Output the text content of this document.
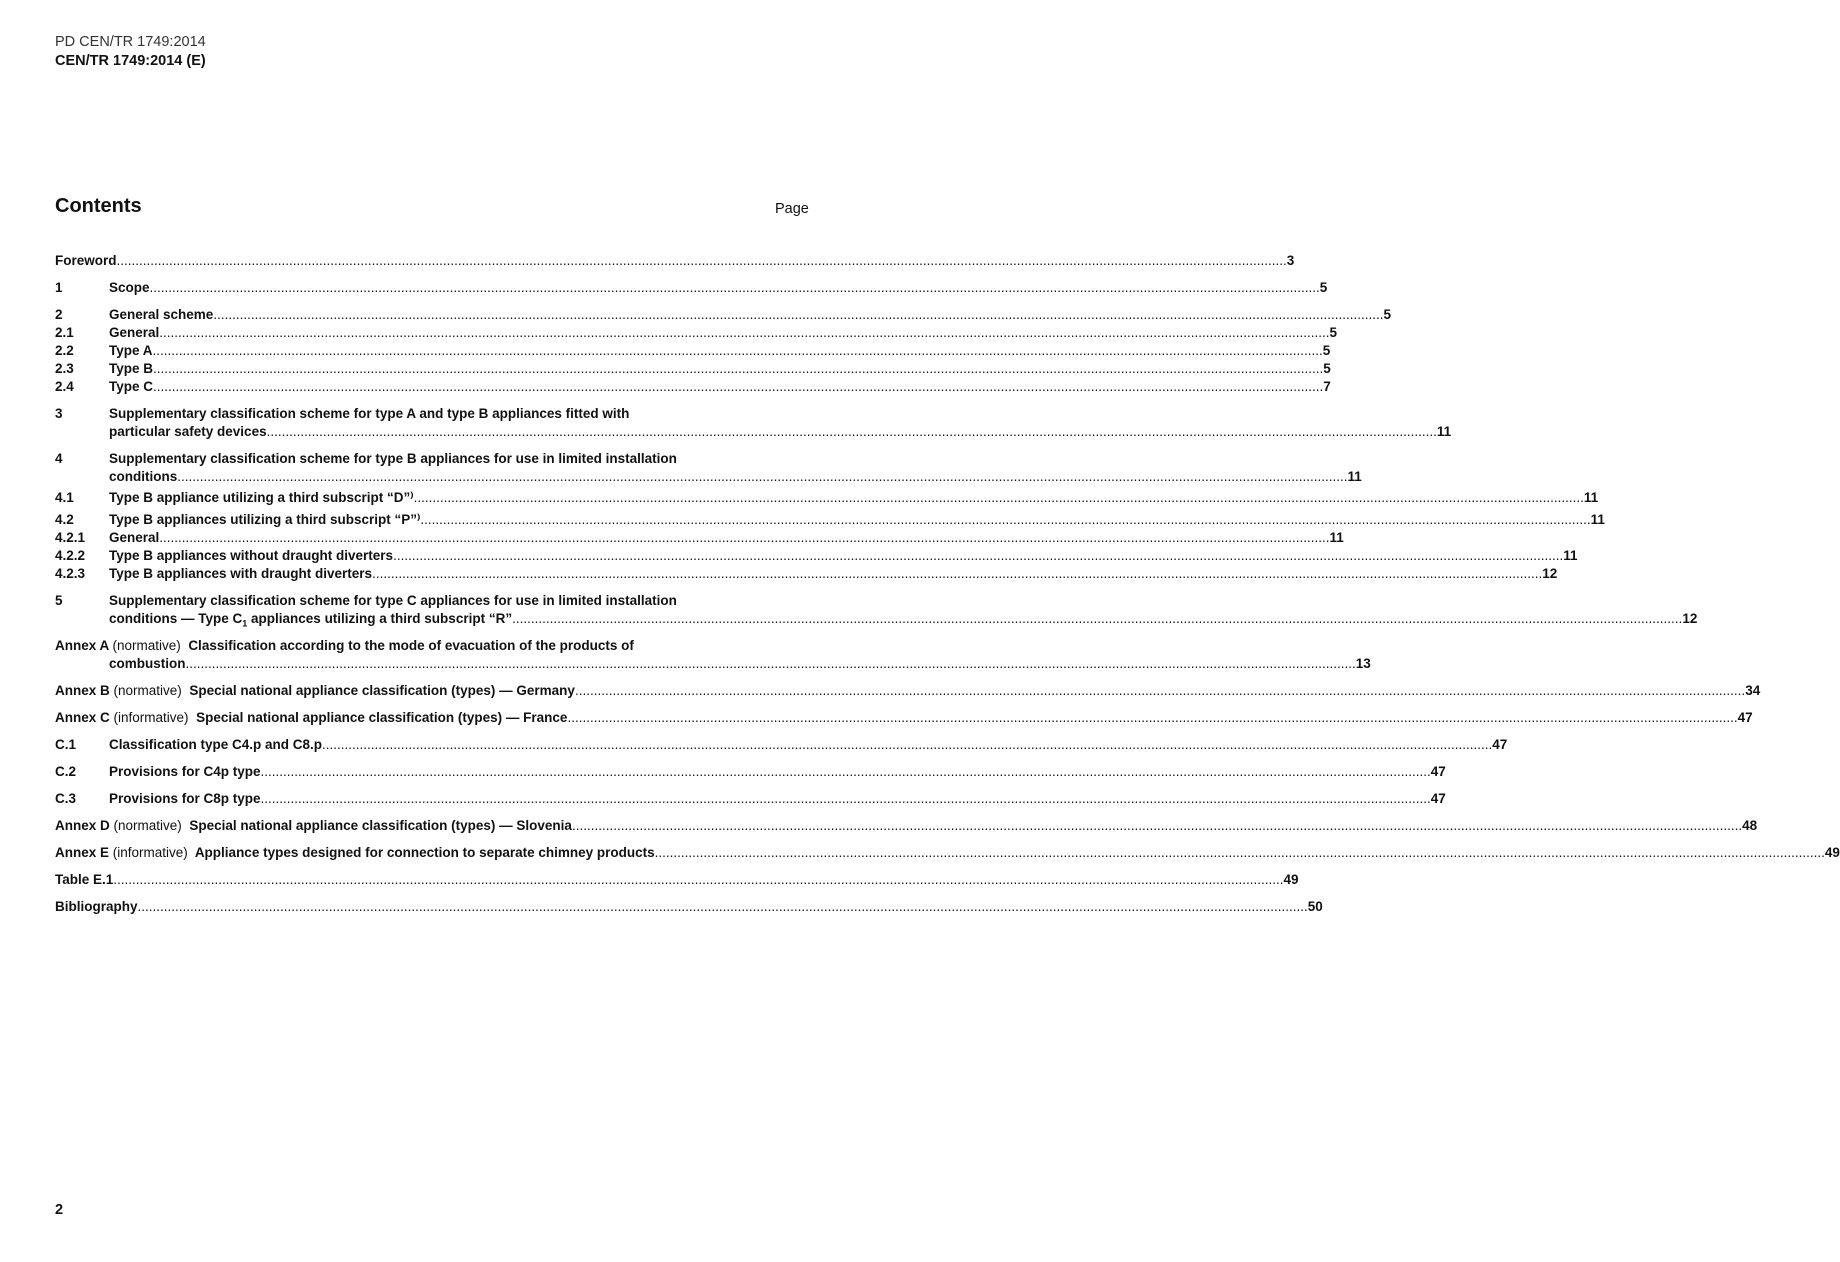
PD CEN/TR 1749:2014
CEN/TR 1749:2014 (E)
Contents	Page
Foreword .....	3
1	Scope .....	5
2	General scheme .....	5
2.1	General .....	5
2.2	Type A .....	5
2.3	Type B .....	5
2.4	Type C .....	7
3	Supplementary classification scheme for type A and type B appliances fitted with
particular safety devices .....	11
4	Supplementary classification scheme for type B appliances for use in limited installation
conditions .....	11
4.1	Type B appliance utilizing a third subscript “D”⁾ .....	11
4.2	Type B appliances utilizing a third subscript “P”⁾ .....	11
4.2.1	General .....	11
4.2.2	Type B appliances without draught diverters .....	11
4.2.3	Type B appliances with draught diverters .....	12
5	Supplementary classification scheme for type C appliances for use in limited installation
conditions — Type $C_1$ appliances utilizing a third subscript “R” .....	12
Annex A (normative) Classification according to the mode of evacuation of the products of
combustion .....	13
Annex B (normative) Special national appliance classification (types) — Germany .....	34
Annex C (informative) Special national appliance classification (types) — France .....	47
C.1	Classification type C4.p and C8.p .....	47
C.2	Provisions for C4p type .....	47
C.3	Provisions for C8p type .....	47
Annex D (normative) Special national appliance classification (types) — Slovenia .....	48
Annex E (informative) Appliance types designed for connection to separate chimney products .....	49
Table E.1 .....	49
Bibliography .....	50
2
